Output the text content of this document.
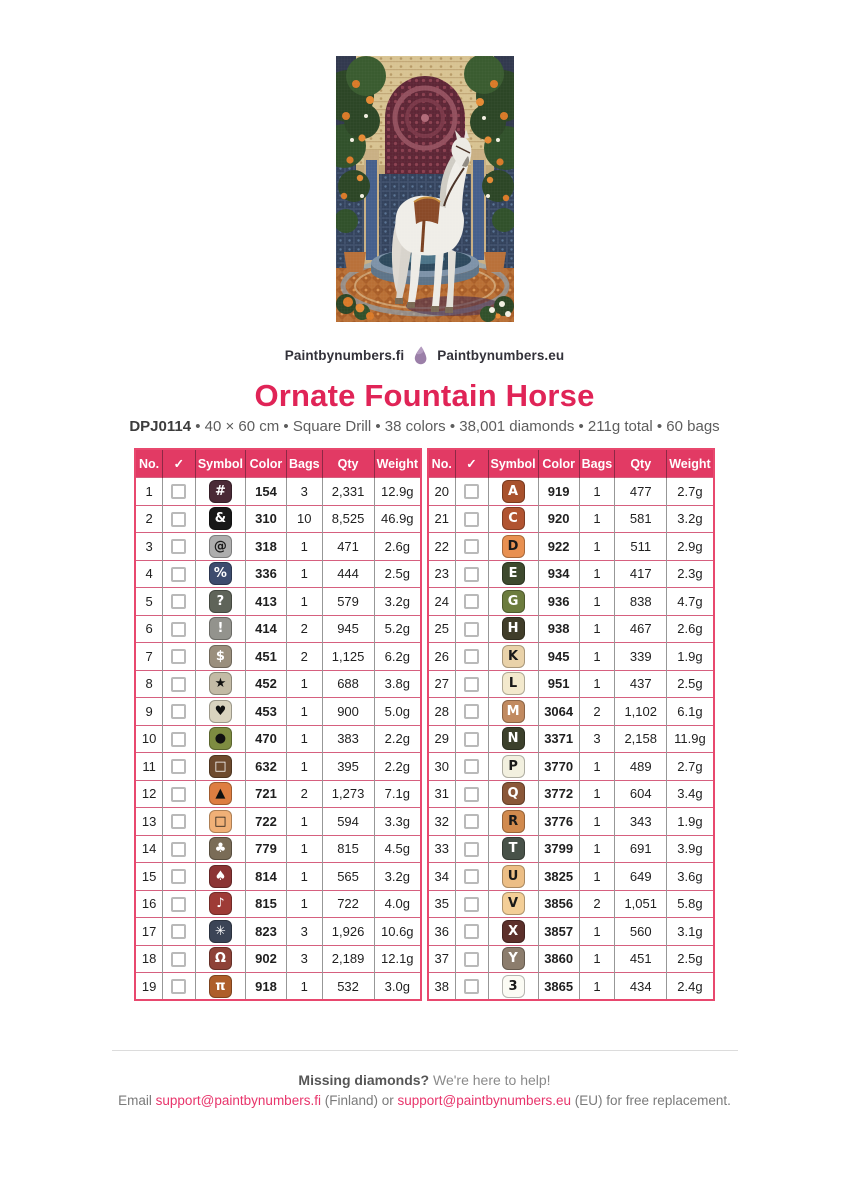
Paintbynumbers.fi Paintbynumbers.eu
Ornate Fountain Horse
DPJ0114 • 40 × 60 cm • Square Drill • 38 colors • 38,001 diamonds • 211g total • 60 bags
No.	✓	Symbol	Color	Bags	Qty	Weight
1		#	154	3	2,331	12.9g
2		&	310	10	8,525	46.9g
3		@	318	1	471	2.6g
4		%	336	1	444	2.5g
5		?	413	1	579	3.2g
6		!	414	2	945	5.2g
7		$	451	2	1,125	6.2g
8		★	452	1	688	3.8g
9		♥	453	1	900	5.0g
10		●	470	1	383	2.2g
11		□	632	1	395	2.2g
12		▲	721	2	1,273	7.1g
13		□	722	1	594	3.3g
14		♣	779	1	815	4.5g
15		♠	814	1	565	3.2g
16		♪	815	1	722	4.0g
17		✳	823	3	1,926	10.6g
18		Ω	902	3	2,189	12.1g
19		π	918	1	532	3.0g
No.	✓	Symbol	Color	Bags	Qty	Weight
20		A	919	1	477	2.7g
21		C	920	1	581	3.2g
22		D	922	1	511	2.9g
23		E	934	1	417	2.3g
24		G	936	1	838	4.7g
25		H	938	1	467	2.6g
26		K	945	1	339	1.9g
27		L	951	1	437	2.5g
28		M	3064	2	1,102	6.1g
29		N	3371	3	2,158	11.9g
30		P	3770	1	489	2.7g
31		Q	3772	1	604	3.4g
32		R	3776	1	343	1.9g
33		T	3799	1	691	3.9g
34		U	3825	1	649	3.6g
35		V	3856	2	1,051	5.8g
36		X	3857	1	560	3.1g
37		Y	3860	1	451	2.5g
38		3	3865	1	434	2.4g
Missing diamonds? We're here to help!
Email support@paintbynumbers.fi (Finland) or support@paintbynumbers.eu (EU) for free replacement.
